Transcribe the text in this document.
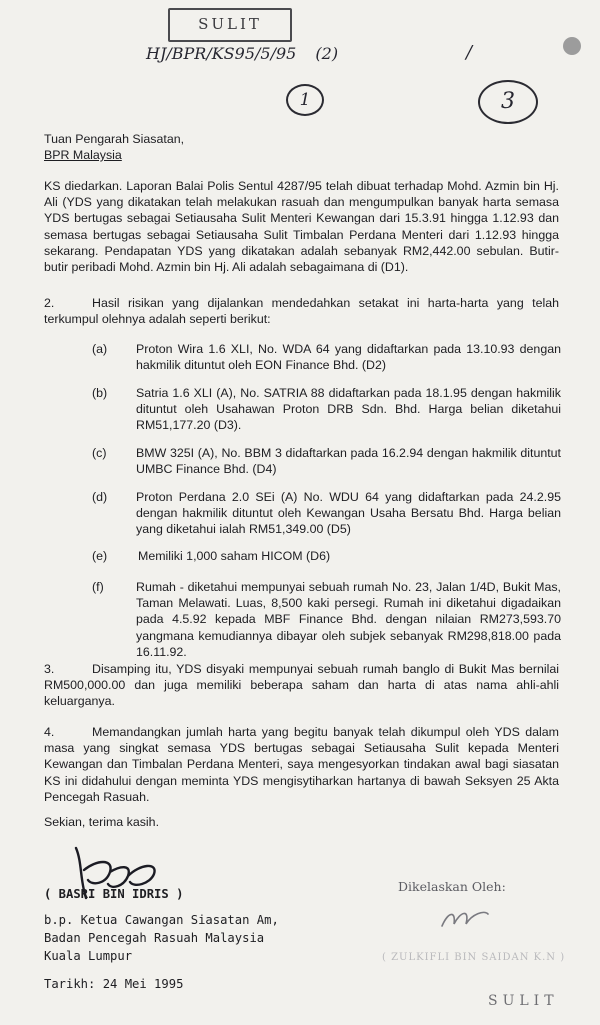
SULIT
HJ/BPR/KS95/5/95 (2)	/
1	3
Tuan Pengarah Siasatan,
BPR Malaysia
KS diedarkan. Laporan Balai Polis Sentul 4287/95 telah dibuat terhadap Mohd. Azmin bin Hj. Ali (YDS yang dikatakan telah melakukan rasuah dan mengumpulkan banyak harta semasa YDS bertugas sebagai Setiausaha Sulit Menteri Kewangan dari 15.3.91 hingga 1.12.93 dan semasa bertugas sebagai Setiausaha Sulit Timbalan Perdana Menteri dari 1.12.93 hingga sekarang. Pendapatan YDS yang dikatakan adalah sebanyak RM2,442.00 sebulan. Butir-butir peribadi Mohd. Azmin bin Hj. Ali adalah sebagaimana di (D1).
2.	Hasil risikan yang dijalankan mendedahkan setakat ini harta-harta yang telah terkumpul olehnya adalah seperti berikut:
(a)	Proton Wira 1.6 XLI, No. WDA 64 yang didaftarkan pada 13.10.93 dengan hakmilik dituntut oleh EON Finance Bhd. (D2)
(b)	Satria 1.6 XLI (A), No. SATRIA 88 didaftarkan pada 18.1.95 dengan hakmilik dituntut oleh Usahawan Proton DRB Sdn. Bhd. Harga belian diketahui RM51,177.20 (D3).
(c)	BMW 325I (A), No. BBM 3 didaftarkan pada 16.2.94 dengan hakmilik dituntut UMBC Finance Bhd. (D4)
(d)	Proton Perdana 2.0 SEi (A) No. WDU 64 yang didaftarkan pada 24.2.95 dengan hakmilik dituntut oleh Kewangan Usaha Bersatu Bhd. Harga belian yang diketahui ialah RM51,349.00 (D5)
(e)	Memiliki 1,000 saham HICOM (D6)
(f)	Rumah - diketahui mempunyai sebuah rumah No. 23, Jalan 1/4D, Bukit Mas, Taman Melawati. Luas, 8,500 kaki persegi. Rumah ini diketahui digadaikan pada 4.5.92 kepada MBF Finance Bhd. dengan nilaian RM273,593.70 yangmana kemudiannya dibayar oleh subjek sebanyak RM298,818.00 pada 16.11.92.
3.	Disamping itu, YDS disyaki mempunyai sebuah rumah banglo di Bukit Mas bernilai RM500,000.00 dan juga memiliki beberapa saham dan harta di atas nama ahli-ahli keluarganya.
4.	Memandangkan jumlah harta yang begitu banyak telah dikumpul oleh YDS dalam masa yang singkat semasa YDS bertugas sebagai Setiausaha Sulit kepada Menteri Kewangan dan Timbalan Perdana Menteri, saya mengesyorkan tindakan awal bagi siasatan KS ini didahului dengan meminta YDS mengisytiharkan hartanya di bawah Seksyen 25 Akta Pencegah Rasuah.
Sekian, terima kasih.
( BASRI BIN IDRIS )
b.p. Ketua Cawangan Siasatan Am,
Badan Pencegah Rasuah Malaysia
Kuala Lumpur
Tarikh: 24 Mei 1995
Dikelaskan Oleh:
( ZULKIFLI BIN SAIDAN K.N )
SULIT
